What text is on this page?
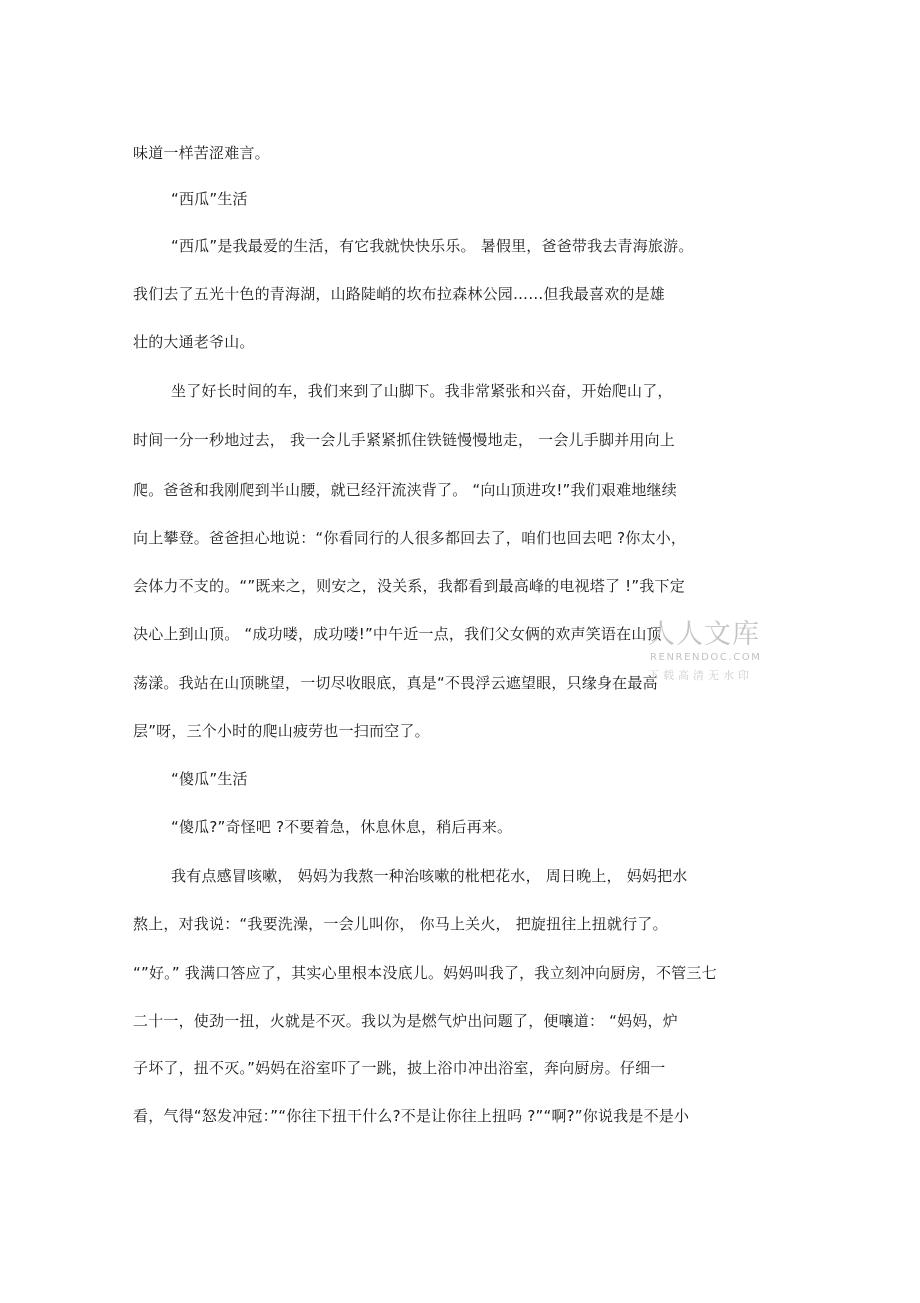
味道一样苦涩难言。
“西瓜”生活
“西瓜”是我最爱的生活，有它我就快快乐乐。 暑假里，爸爸带我去青海旅游。
我们去了五光十色的青海湖，山路陡峭的坎布拉森林公园……但我最喜欢的是雄
壮的大通老爷山。
坐了好长时间的车，我们来到了山脚下。我非常紧张和兴奋，开始爬山了，
时间一分一秒地过去， 我一会儿手紧紧抓住铁链慢慢地走， 一会儿手脚并用向上
爬。爸爸和我刚爬到半山腰，就已经汗流浃背了。 “向山顶进攻!”我们艰难地继续
向上攀登。爸爸担心地说：“你看同行的人很多都回去了，咱们也回去吧 ?你太小，
会体力不支的。“”既来之，则安之，没关系，我都看到最高峰的电视塔了 !”我下定
决心上到山顶。 “成功喽，成功喽!”中午近一点，我们父女俩的欢声笑语在山顶
荡漾。我站在山顶眺望，一切尽收眼底，真是“不畏浮云遮望眼，只缘身在最高
层”呀，三个小时的爬山疲劳也一扫而空了。
“傻瓜”生活
“傻瓜?”奇怪吧 ?不要着急，休息休息，稍后再来。
我有点感冒咳嗽， 妈妈为我熬一种治咳嗽的枇杷花水， 周日晚上， 妈妈把水
熬上，对我说：“我要洗澡，一会儿叫你， 你马上关火， 把旋扭往上扭就行了。
“”好。” 我满口答应了，其实心里根本没底儿。妈妈叫我了，我立刻冲向厨房，不管三七
二十一，使劲一扭，火就是不灭。我以为是燃气炉出问题了，便嚷道： “妈妈，炉
子坏了，扭不灭。”妈妈在浴室吓了一跳，披上浴巾冲出浴室，奔向厨房。仔细一
看，气得“怒发冲冠：”“你往下扭干什么?不是让你往上扭吗 ?”“啊?”你说我是不是小
人人文库
RENRENDOC.COM
下载高清无水印
